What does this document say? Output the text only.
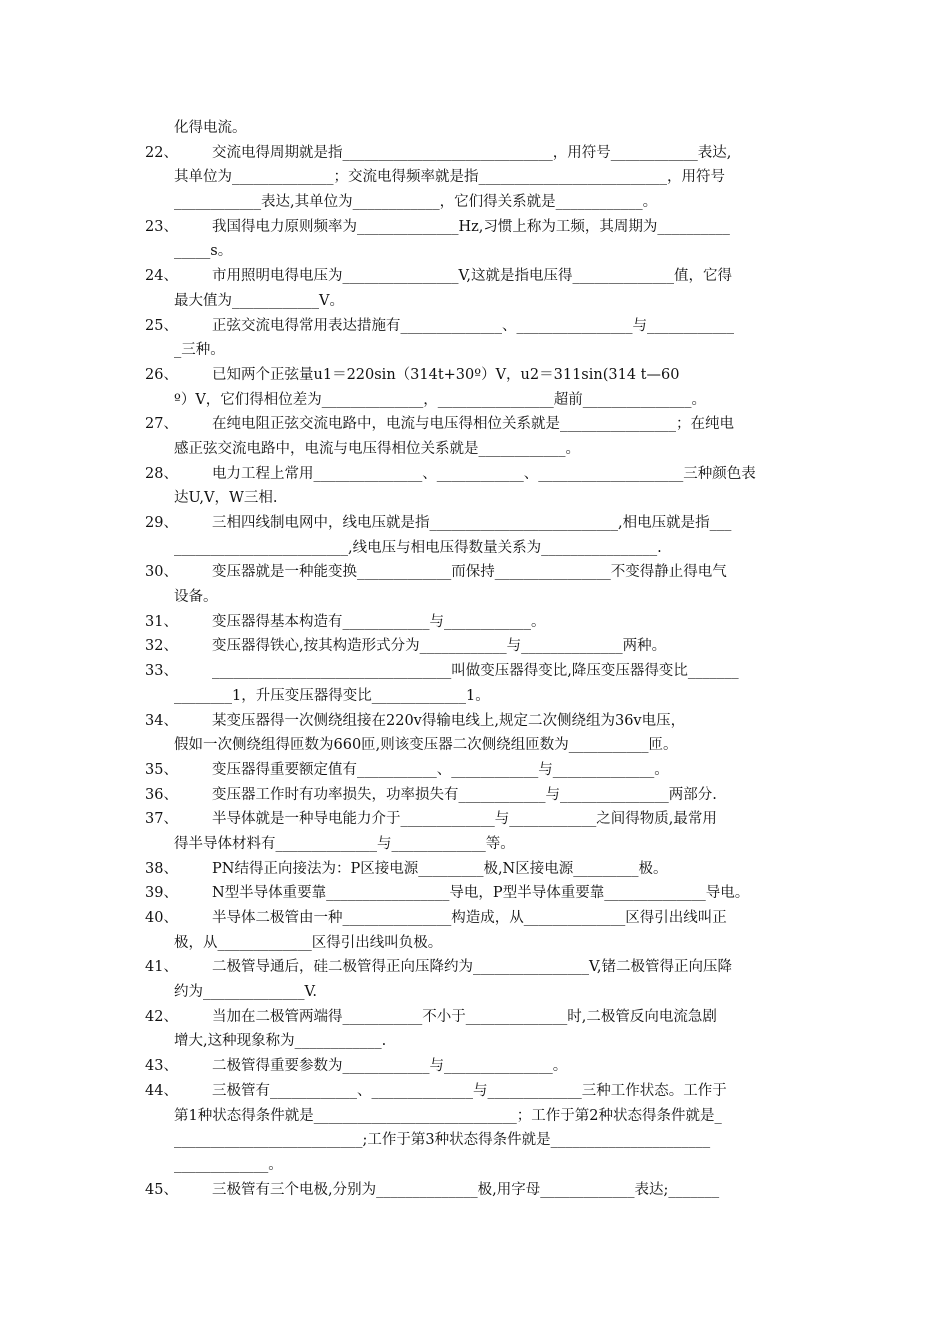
化得电流。
22、 交流电得周期就是指_____________________________，用符号____________表达,
其单位为______________；交流电得频率就是指__________________________，用符号
____________表达,其单位为____________，它们得关系就是____________。
23、 我国得电力原则频率为______________Hz,习惯上称为工频，其周期为__________
_____s。
24、 市用照明电得电压为________________V,这就是指电压得______________值，它得
最大值为____________V。
25、 正弦交流电得常用表达措施有______________、________________与____________
_三种。
26、 已知两个正弦量u1＝220sin（314t+30º）V，u2＝311sin(314 t—60
º）V，它们得相位差为______________，________________超前_______________。
27、 在纯电阻正弦交流电路中，电流与电压得相位关系就是________________；在纯电
感正弦交流电路中，电流与电压得相位关系就是____________。
28、 电力工程上常用_______________、____________、____________________三种颜色表
达U,V，W三相.
29、 三相四线制电网中，线电压就是指__________________________,相电压就是指___
________________________,线电压与相电压得数量关系为________________.
30、 变压器就是一种能变换_____________而保持________________不变得静止得电气
设备。
31、 变压器得基本构造有____________与____________。
32、 变压器得铁心,按其构造形式分为____________与______________两种。
33、 _________________________________叫做变压器得变比,降压变压器得变比_______
________1，升压变压器得变比_____________1。
34、 某变压器得一次侧绕组接在220v得输电线上,规定二次侧绕组为36v电压，
假如一次侧绕组得匝数为660匝,则该变压器二次侧绕组匝数为___________匝。
35、 变压器得重要额定值有___________、____________与______________。
36、 变压器工作时有功率损失，功率损失有____________与_______________两部分.
37、 半导体就是一种导电能力介于_____________与____________之间得物质,最常用
得半导体材料有______________与_____________等。
38、 PN结得正向接法为：P区接电源_________极,N区接电源_________极。
39、 N型半导体重要靠_________________导电，P型半导体重要靠______________导电。
40、 半导体二极管由一种_______________构造成，从______________区得引出线叫正
极，从_____________区得引出线叫负极。
41、 二极管导通后，硅二极管得正向压降约为________________V,锗二极管得正向压降
约为______________V.
42、 当加在二极管两端得___________不小于______________时,二极管反向电流急剧
增大,这种现象称为____________.
43、 二极管得重要参数为____________与_______________。
44、 三极管有____________、______________与_____________三种工作状态。工作于
第1种状态得条件就是____________________________；工作于第2种状态得条件就是_
__________________________;工作于第3种状态得条件就是______________________
_____________。
45、 三极管有三个电极,分别为______________极,用字母_____________表达;_______
